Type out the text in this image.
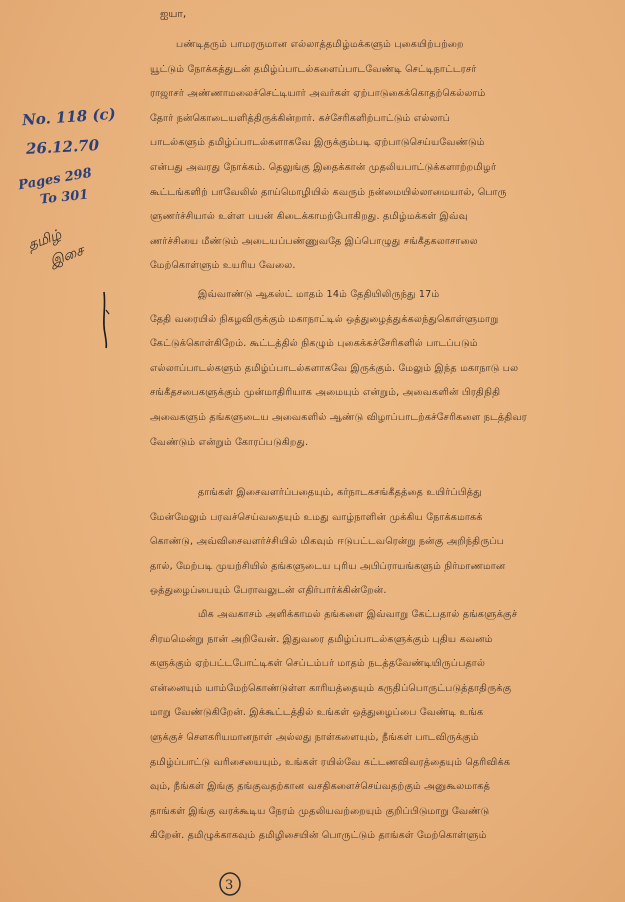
No. 118 (c)
26.12.70
Pages 298
To 301
தமிழ்
இசை
ஐயா,
பண்டிதரும் பாமரருமான எல்லாத்தமிழ்மக்களும் புகையிற்பற்றை
யூட்டும் நோக்கத்துடன் தமிழ்ப்பாடல்களைப்பாடவேண்டி செட்டிநாட்டரசர்
ராஜாசர் அண்ணாமலைச்செட்டியார் அவர்கள் ஏற்பாடுகைக்கொதற்கெல்லாம்
தோர் நன்கொடையளித்திருக்கின்றார். கச்சேரிகளிற்பாட்டும் எல்லாப்
பாடல்களும் தமிழ்ப்பாடல்களாகவே இருக்கும்படி ஏற்பாடுசெய்யவேண்டும்
என்பது அவரது நோக்கம். தெலுங்கு இதைக்கான் முதலியபாட்டுக்களாற்றமிழர்
கூட்டங்களிற் பாவேலில் தாய்மொழியில் கவரும் நன்மையில்லாமையால், பொரு
ளுணர்ச்சியால் உள்ள பயன் கிடைக்காமற்போகிறது. தமிழ்மக்கள் இவ்வு
ணர்ச்சியை மீண்டும் அடையப்பண்ணுவதே இப்பொழுது சங்கீதகலாசாலை
மேற்கொள்ளும் உயரிய வேலை.
இவ்வாண்டு ஆகஸ்ட் மாதம் 14ம் தேதியிலிருந்து 17ம்
தேதி வரையில் நிகழவிருக்கும் மகாநாட்டில் ஒத்துழைத்துக்கலந்துகொள்ளுமாறு
கேட்டுக்கொள்கிறேம். கூட்டத்தில் நிகழும் புகைக்கச்சேரிகளில் பாடப்படும்
எல்லாப்பாடல்களும் தமிழ்ப்பாடல்களாகவே இருக்கும். மேலும் இந்த மகாநாடு பல
சங்கீதசபைகளுக்கும் முன்மாதிரியாக அமையும் என்றும், அவைகளின் பிரதிநிதி
அவைகளும் தங்களுடைய அவைகளில் ஆண்டு விழாப்பாடற்கச்சேரிகளை நடத்திவர
வேண்டும் என்றும் கோரப்படுகிறது.
தாங்கள் இசைவளர்ப்பதையும், கர்நாடகசங்கீதத்தை உயிர்ப்பித்து
மேன்மேலும் பரவச்செய்வதையும் உமது வாழ்நாளின் முக்கிய நோக்கமாகக்
கொண்டு, அவ்விசைவளர்ச்சியில் மிகவும் ஈடுபட்டவரென்று நன்கு அறிந்திருப்ப
தால், மேற்படி முயற்சியில் தங்களுடைய புரிய அபிப்ராயங்களும் நிர்மாணமான
ஒத்துழைப்பையும் பேராவலுடன் எதிர்பார்க்கின்றேன்.
மிக அவகாசம் அளிக்காமல் தங்களை இவ்வாறு கேட்பதால் தங்களுக்குச்
சிரமமென்று நான் அறிவேன். இதுவரை தமிழ்ப்பாடல்களுக்கும் புதிய கவனம்
களுக்கும் ஏற்பட்டபோட்டிகள் செப்டம்பர் மாதம் நடத்தவேண்டியிருப்பதால்
என்னையும் யாம்மேற்கொண்டுள்ள காரியத்தையும் கருதிப்பொருட்படுத்தாதிருக்கு
மாறு வேண்டுகிறேன். இக்கூட்டத்தில் உங்கள் ஒத்துழைப்பை வேண்டி உங்க
ளுக்குச் சௌகரியமானநாள் அல்லது நாள்களையும், நீங்கள் பாடவிருக்கும்
தமிழ்ப்பாட்டு வரிசையையும், உங்கள் ரயில்வே கட்டணவிவரத்தையும் தெரிவிக்க
வும், நீங்கள் இங்கு தங்குவதற்கான வசதிகளைச்செய்வதற்கும் அனுகூலமாகத்
தாங்கள் இங்கு வரக்கூடிய நேரம் முதலியவற்றையும் குறிப்பிடுமாறு வேண்டு
கிறேன். தமிழுக்காகவும் தமிழிசையின் பொருட்டும் தாங்கள் மேற்கொள்ளும்
3
